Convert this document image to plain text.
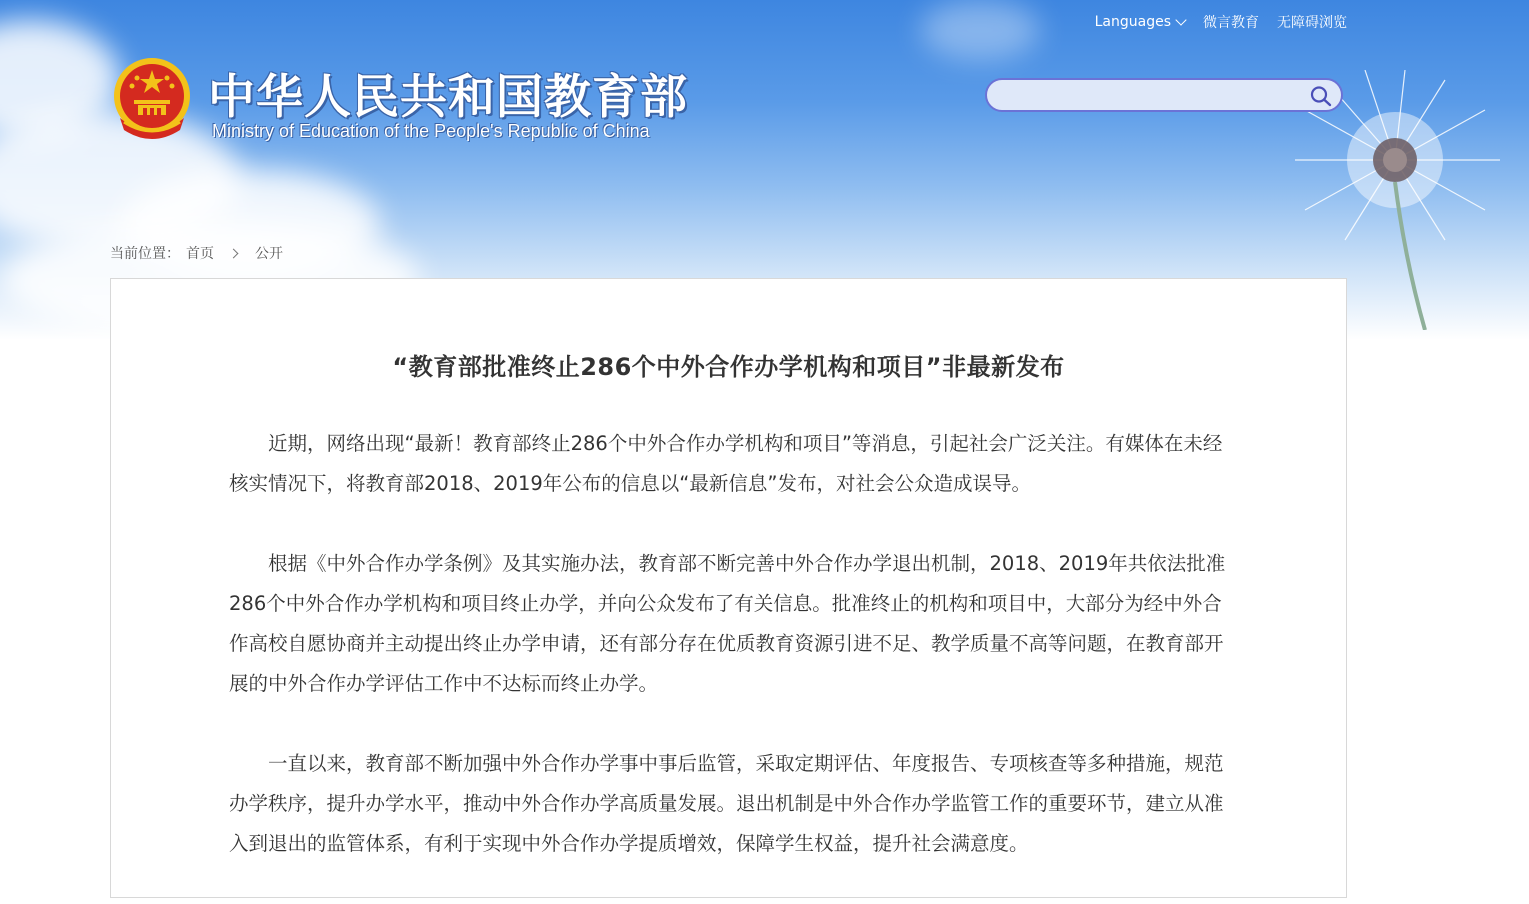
Languages 微言教育 无障碍浏览
中华人民共和国教育部
Ministry of Education of the People's Republic of China
当前位置： 首页	公开
“教育部批准终止286个中外合作办学机构和项目”非最新发布

近期，网络出现“最新！教育部终止286个中外合作办学机构和项目”等消息，引起社会广泛关注。有媒体在未经核实情况下，将教育部2018、2019年公布的信息以“最新信息”发布，对社会公众造成误导。

根据《中外合作办学条例》及其实施办法，教育部不断完善中外合作办学退出机制，2018、2019年共依法批准286个中外合作办学机构和项目终止办学，并向公众发布了有关信息。批准终止的机构和项目中，大部分为经中外合作高校自愿协商并主动提出终止办学申请，还有部分存在优质教育资源引进不足、教学质量不高等问题，在教育部开展的中外合作办学评估工作中不达标而终止办学。

一直以来，教育部不断加强中外合作办学事中事后监管，采取定期评估、年度报告、专项核查等多种措施，规范办学秩序，提升办学水平，推动中外合作办学高质量发展。退出机制是中外合作办学监管工作的重要环节，建立从准入到退出的监管体系，有利于实现中外合作办学提质增效，保障学生权益，提升社会满意度。
